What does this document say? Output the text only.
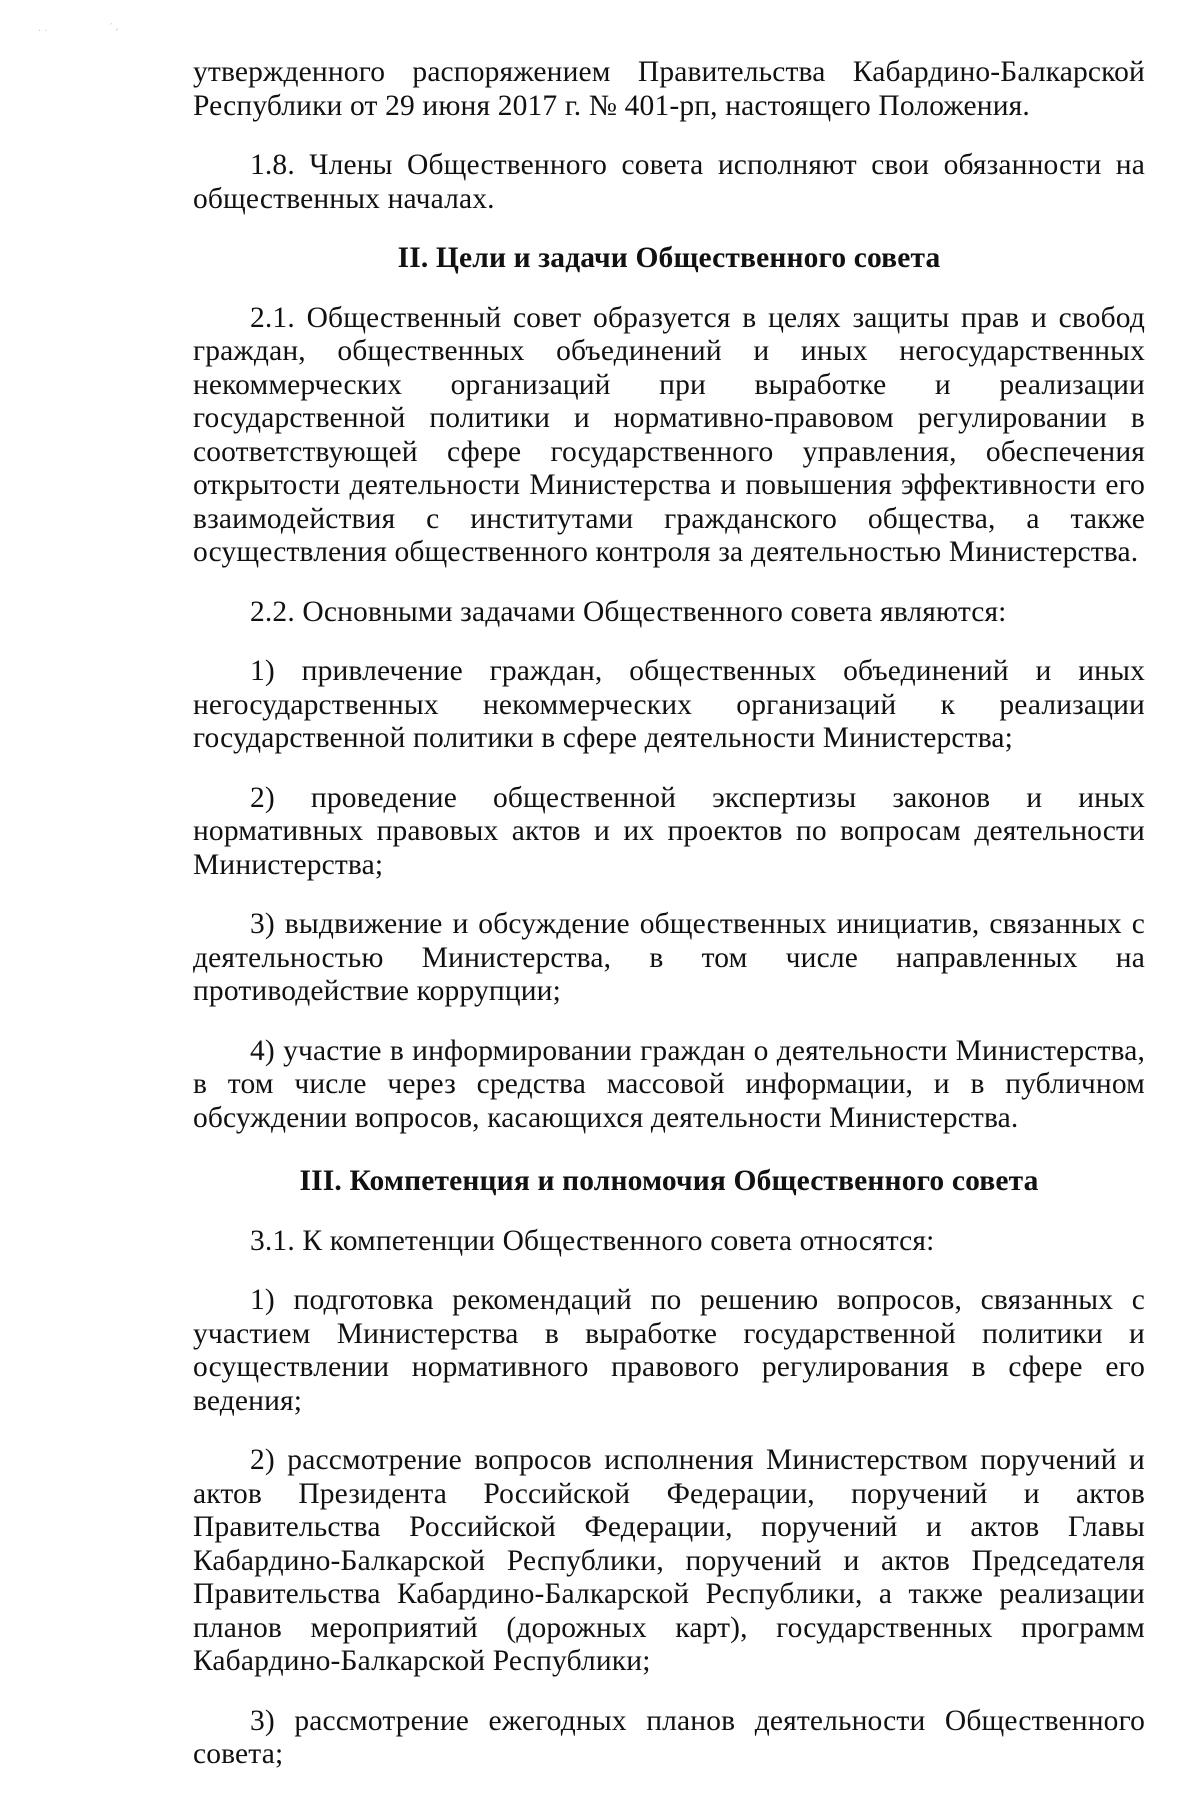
· ·	′ ,

утвержденного распоряжением Правительства Кабардино-Балкарской Республики от 29 июня 2017 г. № 401-рп, настоящего Положения.

1.8. Члены Общественного совета исполняют свои обязанности на общественных началах.

II. Цели и задачи Общественного совета

2.1. Общественный совет образуется в целях защиты прав и свобод граждан, общественных объединений и иных негосударственных некоммерческих организаций при выработке и реализации государственной политики и нормативно-правовом регулировании в соответствующей сфере государственного управления, обеспечения открытости деятельности Министерства и повышения эффективности его взаимодействия с институтами гражданского общества, а также осуществления общественного контроля за деятельностью Министерства.

2.2. Основными задачами Общественного совета являются:

1) привлечение граждан, общественных объединений и иных негосударственных некоммерческих организаций к реализации государственной политики в сфере деятельности Министерства;

2) проведение общественной экспертизы законов и иных нормативных правовых актов и их проектов по вопросам деятельности Министерства;

3) выдвижение и обсуждение общественных инициатив, связанных с деятельностью Министерства, в том числе направленных на противодействие коррупции;

4) участие в информировании граждан о деятельности Министерства, в том числе через средства массовой информации, и в публичном обсуждении вопросов, касающихся деятельности Министерства.

III. Компетенция и полномочия Общественного совета

3.1. К компетенции Общественного совета относятся:

1) подготовка рекомендаций по решению вопросов, связанных с участием Министерства в выработке государственной политики и осуществлении нормативного правового регулирования в сфере его ведения;

2) рассмотрение вопросов исполнения Министерством поручений и актов Президента Российской Федерации, поручений и актов Правительства Российской Федерации, поручений и актов Главы Кабардино-Балкарской Республики, поручений и актов Председателя Правительства Кабардино-Балкарской Республики, а также реализации планов мероприятий (дорожных карт), государственных программ Кабардино-Балкарской Республики;

3) рассмотрение ежегодных планов деятельности Общественного совета;
